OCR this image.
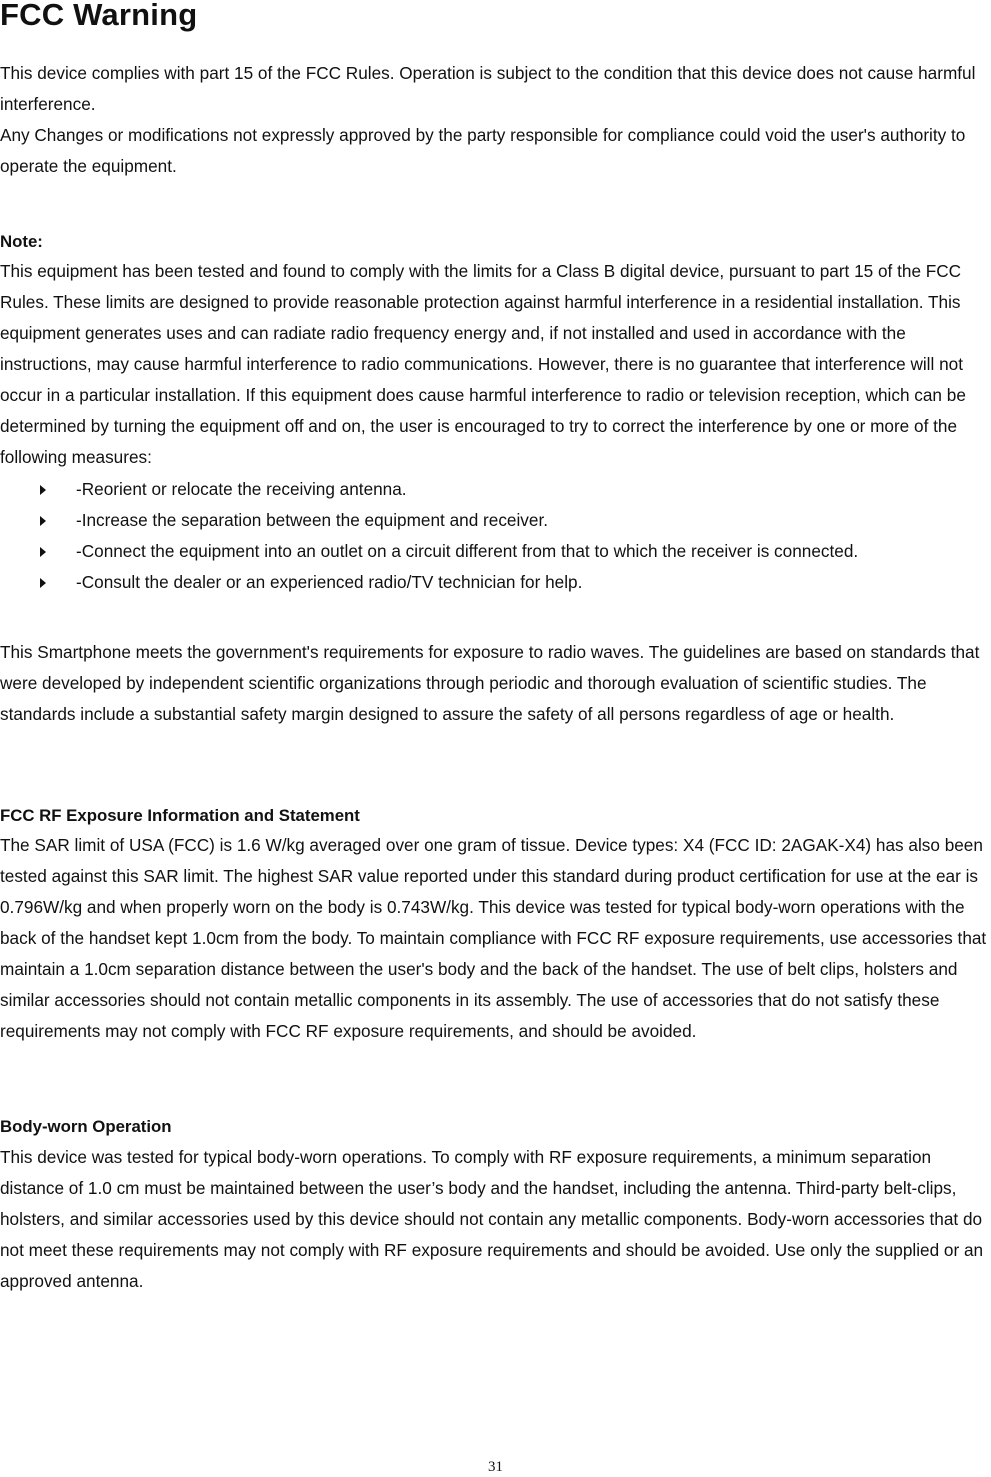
FCC Warning

This device complies with part 15 of the FCC Rules. Operation is subject to the condition that this device does not cause harmful interference.

Any Changes or modifications not expressly approved by the party responsible for compliance could void the user's authority to operate the equipment.

Note:

This equipment has been tested and found to comply with the limits for a Class B digital device, pursuant to part 15 of the FCC Rules. These limits are designed to provide reasonable protection against harmful interference in a residential installation. This equipment generates uses and can radiate radio frequency energy and, if not installed and used in accordance with the instructions, may cause harmful interference to radio communications. However, there is no guarantee that interference will not occur in a particular installation. If this equipment does cause harmful interference to radio or television reception, which can be determined by turning the equipment off and on, the user is encouraged to try to correct the interference by one or more of the following measures:

-Reorient or relocate the receiving antenna.
-Increase the separation between the equipment and receiver.
-Connect the equipment into an outlet on a circuit different from that to which the receiver is connected.
-Consult the dealer or an experienced radio/TV technician for help.

This Smartphone meets the government's requirements for exposure to radio waves. The guidelines are based on standards that were developed by independent scientific organizations through periodic and thorough evaluation of scientific studies. The standards include a substantial safety margin designed to assure the safety of all persons regardless of age or health.

FCC RF Exposure Information and Statement

The SAR limit of USA (FCC) is 1.6 W/kg averaged over one gram of tissue. Device types: X4 (FCC ID: 2AGAK-X4) has also been tested against this SAR limit. The highest SAR value reported under this standard during product certification for use at the ear is 0.796W/kg and when properly worn on the body is 0.743W/kg. This device was tested for typical body-worn operations with the back of the handset kept 1.0cm from the body. To maintain compliance with FCC RF exposure requirements, use accessories that maintain a 1.0cm separation distance between the user's body and the back of the handset. The use of belt clips, holsters and similar accessories should not contain metallic components in its assembly. The use of accessories that do not satisfy these requirements may not comply with FCC RF exposure requirements, and should be avoided.

Body-worn Operation

This device was tested for typical body-worn operations. To comply with RF exposure requirements, a minimum separation distance of 1.0 cm must be maintained between the user’s body and the handset, including the antenna. Third-party belt-clips, holsters, and similar accessories used by this device should not contain any metallic components. Body-worn accessories that do not meet these requirements may not comply with RF exposure requirements and should be avoided. Use only the supplied or an approved antenna.

31
